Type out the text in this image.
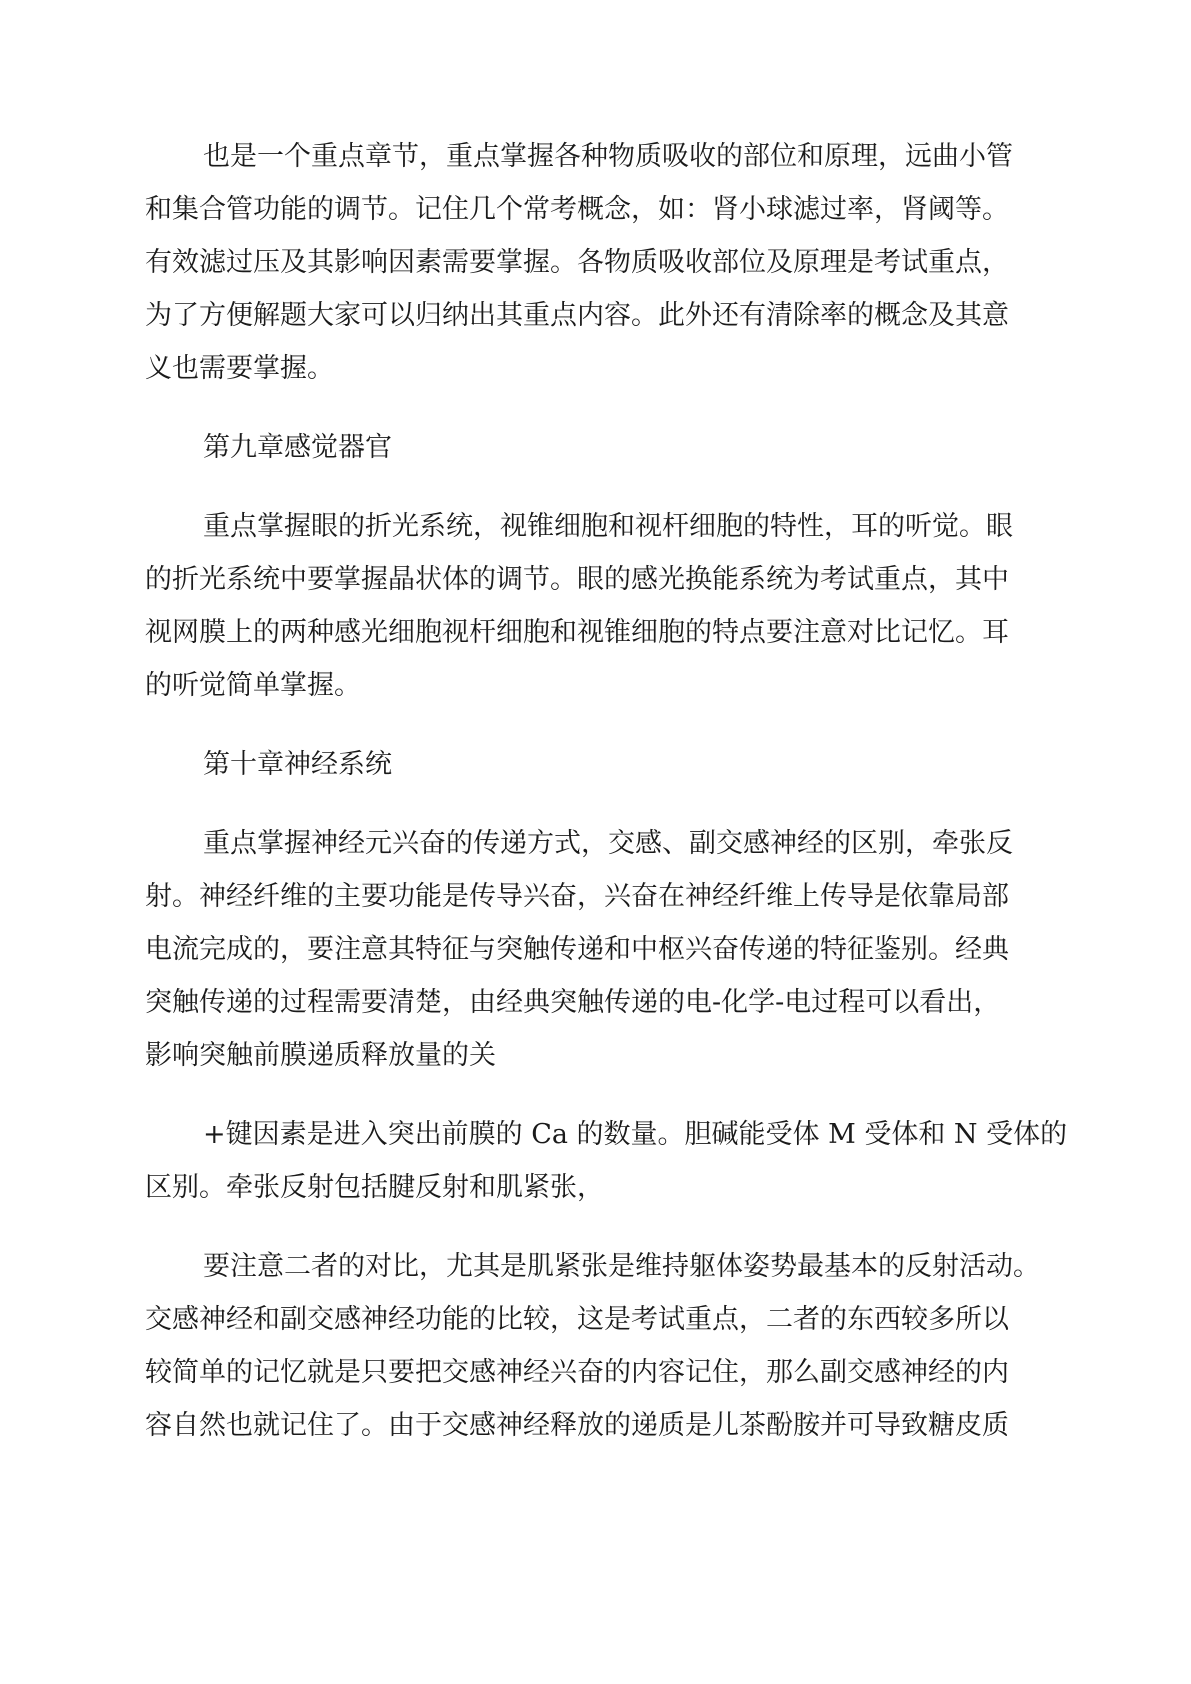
也是一个重点章节，重点掌握各种物质吸收的部位和原理，远曲小管
和集合管功能的调节。记住几个常考概念，如：肾小球滤过率，肾阈等。
有效滤过压及其影响因素需要掌握。各物质吸收部位及原理是考试重点，
为了方便解题大家可以归纳出其重点内容。此外还有清除率的概念及其意
义也需要掌握。
第九章感觉器官
重点掌握眼的折光系统，视锥细胞和视杆细胞的特性，耳的听觉。眼
的折光系统中要掌握晶状体的调节。眼的感光换能系统为考试重点，其中
视网膜上的两种感光细胞视杆细胞和视锥细胞的特点要注意对比记忆。耳
的听觉简单掌握。
第十章神经系统
重点掌握神经元兴奋的传递方式，交感、副交感神经的区别，牵张反
射。神经纤维的主要功能是传导兴奋，兴奋在神经纤维上传导是依靠局部
电流完成的，要注意其特征与突触传递和中枢兴奋传递的特征鉴别。经典
突触传递的过程需要清楚，由经典突触传递的电-化学-电过程可以看出，
影响突触前膜递质释放量的关
+键因素是进入突出前膜的 Ca 的数量。胆碱能受体 M 受体和 N 受体的
区别。牵张反射包括腱反射和肌紧张，
要注意二者的对比，尤其是肌紧张是维持躯体姿势最基本的反射活动。
交感神经和副交感神经功能的比较，这是考试重点，二者的东西较多所以
较简单的记忆就是只要把交感神经兴奋的内容记住，那么副交感神经的内
容自然也就记住了。由于交感神经释放的递质是儿茶酚胺并可导致糖皮质
